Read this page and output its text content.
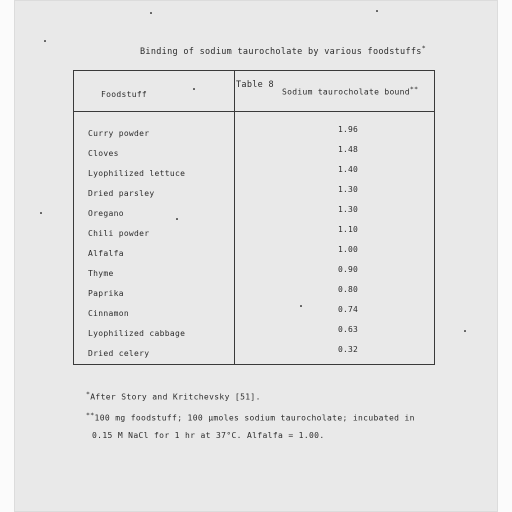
Table 8
Binding of sodium taurocholate by various foodstuffs*
Foodstuff	Sodium taurocholate bound**
Curry powder	1.96
Cloves	1.48
Lyophilized lettuce	1.40
Dried parsley	1.30
Oregano	1.30
Chili powder	1.10
Alfalfa	1.00
Thyme	0.90
Paprika	0.80
Cinnamon	0.74
Lyophilized cabbage	0.63
Dried celery	0.32
*After Story and Kritchevsky [51].
**100 mg foodstuff; 100 µmoles sodium taurocholate; incubated in
0.15 M NaCl for 1 hr at 37°C. Alfalfa = 1.00.
